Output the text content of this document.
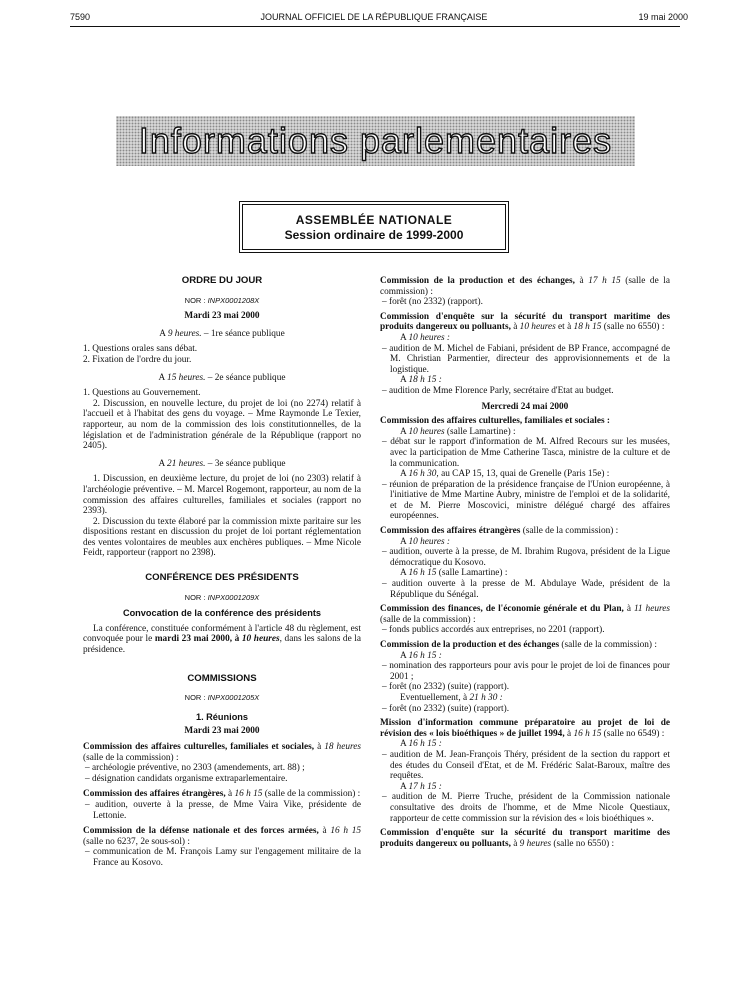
7590	JOURNAL OFFICIEL DE LA RÉPUBLIQUE FRANÇAISE	19 mai 2000
Informations parlementaires
ASSEMBLÉE NATIONALE
Session ordinaire de 1999-2000
ORDRE DU JOUR
NOR : INPX0001208X
Mardi 23 mai 2000
A 9 heures. – 1re séance publique

1. Questions orales sans débat.

2. Fixation de l'ordre du jour.

A 15 heures. – 2e séance publique

1. Questions au Gouvernement.

2. Discussion, en nouvelle lecture, du projet de loi (no 2274) relatif à l'accueil et à l'habitat des gens du voyage. – Mme Raymonde Le Texier, rapporteur, au nom de la commission des lois constitutionnelles, de la législation et de l'administration générale de la République (rapport no 2405).

A 21 heures. – 3e séance publique

1. Discussion, en deuxième lecture, du projet de loi (no 2303) relatif à l'archéologie préventive. – M. Marcel Rogemont, rapporteur, au nom de la commission des affaires culturelles, familiales et sociales (rapport no 2393).

2. Discussion du texte élaboré par la commission mixte paritaire sur les dispositions restant en discussion du projet de loi portant réglementation des ventes volontaires de meubles aux enchères publiques. – Mme Nicole Feidt, rapporteur (rapport no 2398).

CONFÉRENCE DES PRÉSIDENTS
NOR : INPX0001209X
Convocation de la conférence des présidents

La conférence, constituée conformément à l'article 48 du règlement, est convoquée pour le mardi 23 mai 2000, à 10 heures, dans les salons de la présidence.

COMMISSIONS
NOR : INPX0001205X
1. Réunions
Mardi 23 mai 2000

Commission des affaires culturelles, familiales et sociales, à 18 heures (salle de la commission) :

– archéologie préventive, no 2303 (amendements, art. 88) ;

– désignation candidats organisme extraparlementaire.

Commission des affaires étrangères, à 16 h 15 (salle de la commission) :

– audition, ouverte à la presse, de Mme Vaira Vike, présidente de Lettonie.

Commission de la défense nationale et des forces armées, à 16 h 15 (salle no 6237, 2e sous-sol) :

– communication de M. François Lamy sur l'engagement militaire de la France au Kosovo.

Commission de la production et des échanges, à 17 h 15 (salle de la commission) :

– forêt (no 2332) (rapport).

Commission d'enquête sur la sécurité du transport maritime des produits dangereux ou polluants, à 10 heures et à 18 h 15 (salle no 6550) :

A 10 heures :

– audition de M. Michel de Fabiani, président de BP France, accompagné de M. Christian Parmentier, directeur des approvisionnements et de la logistique.

A 18 h 15 :

– audition de Mme Florence Parly, secrétaire d'Etat au budget.

Mercredi 24 mai 2000

Commission des affaires culturelles, familiales et sociales :

A 10 heures (salle Lamartine) :

– débat sur le rapport d'information de M. Alfred Recours sur les musées, avec la participation de Mme Catherine Tasca, ministre de la culture et de la communication.

A 16 h 30, au CAP 15, 13, quai de Grenelle (Paris 15e) :

– réunion de préparation de la présidence française de l'Union européenne, à l'initiative de Mme Martine Aubry, ministre de l'emploi et de la solidarité, et de M. Pierre Moscovici, ministre délégué chargé des affaires européennes.

Commission des affaires étrangères (salle de la commission) :

A 10 heures :

– audition, ouverte à la presse, de M. Ibrahim Rugova, président de la Ligue démocratique du Kosovo.

A 16 h 15 (salle Lamartine) :

– audition ouverte à la presse de M. Abdulaye Wade, président de la République du Sénégal.

Commission des finances, de l'économie générale et du Plan, à 11 heures (salle de la commission) :

– fonds publics accordés aux entreprises, no 2201 (rapport).

Commission de la production et des échanges (salle de la commission) :

A 16 h 15 :

– nomination des rapporteurs pour avis pour le projet de loi de finances pour 2001 ;

– forêt (no 2332) (suite) (rapport).

Eventuellement, à 21 h 30 :

– forêt (no 2332) (suite) (rapport).

Mission d'information commune préparatoire au projet de loi de révision des « lois bioéthiques » de juillet 1994, à 16 h 15 (salle no 6549) :

A 16 h 15 :

– audition de M. Jean-François Théry, président de la section du rapport et des études du Conseil d'Etat, et de M. Frédéric Salat-Baroux, maître des requêtes.

A 17 h 15 :

– audition de M. Pierre Truche, président de la Commission nationale consultative des droits de l'homme, et de Mme Nicole Questiaux, rapporteur de cette commission sur la révision des « lois bioéthiques ».

Commission d'enquête sur la sécurité du transport maritime des produits dangereux ou polluants, à 9 heures (salle no 6550) :
